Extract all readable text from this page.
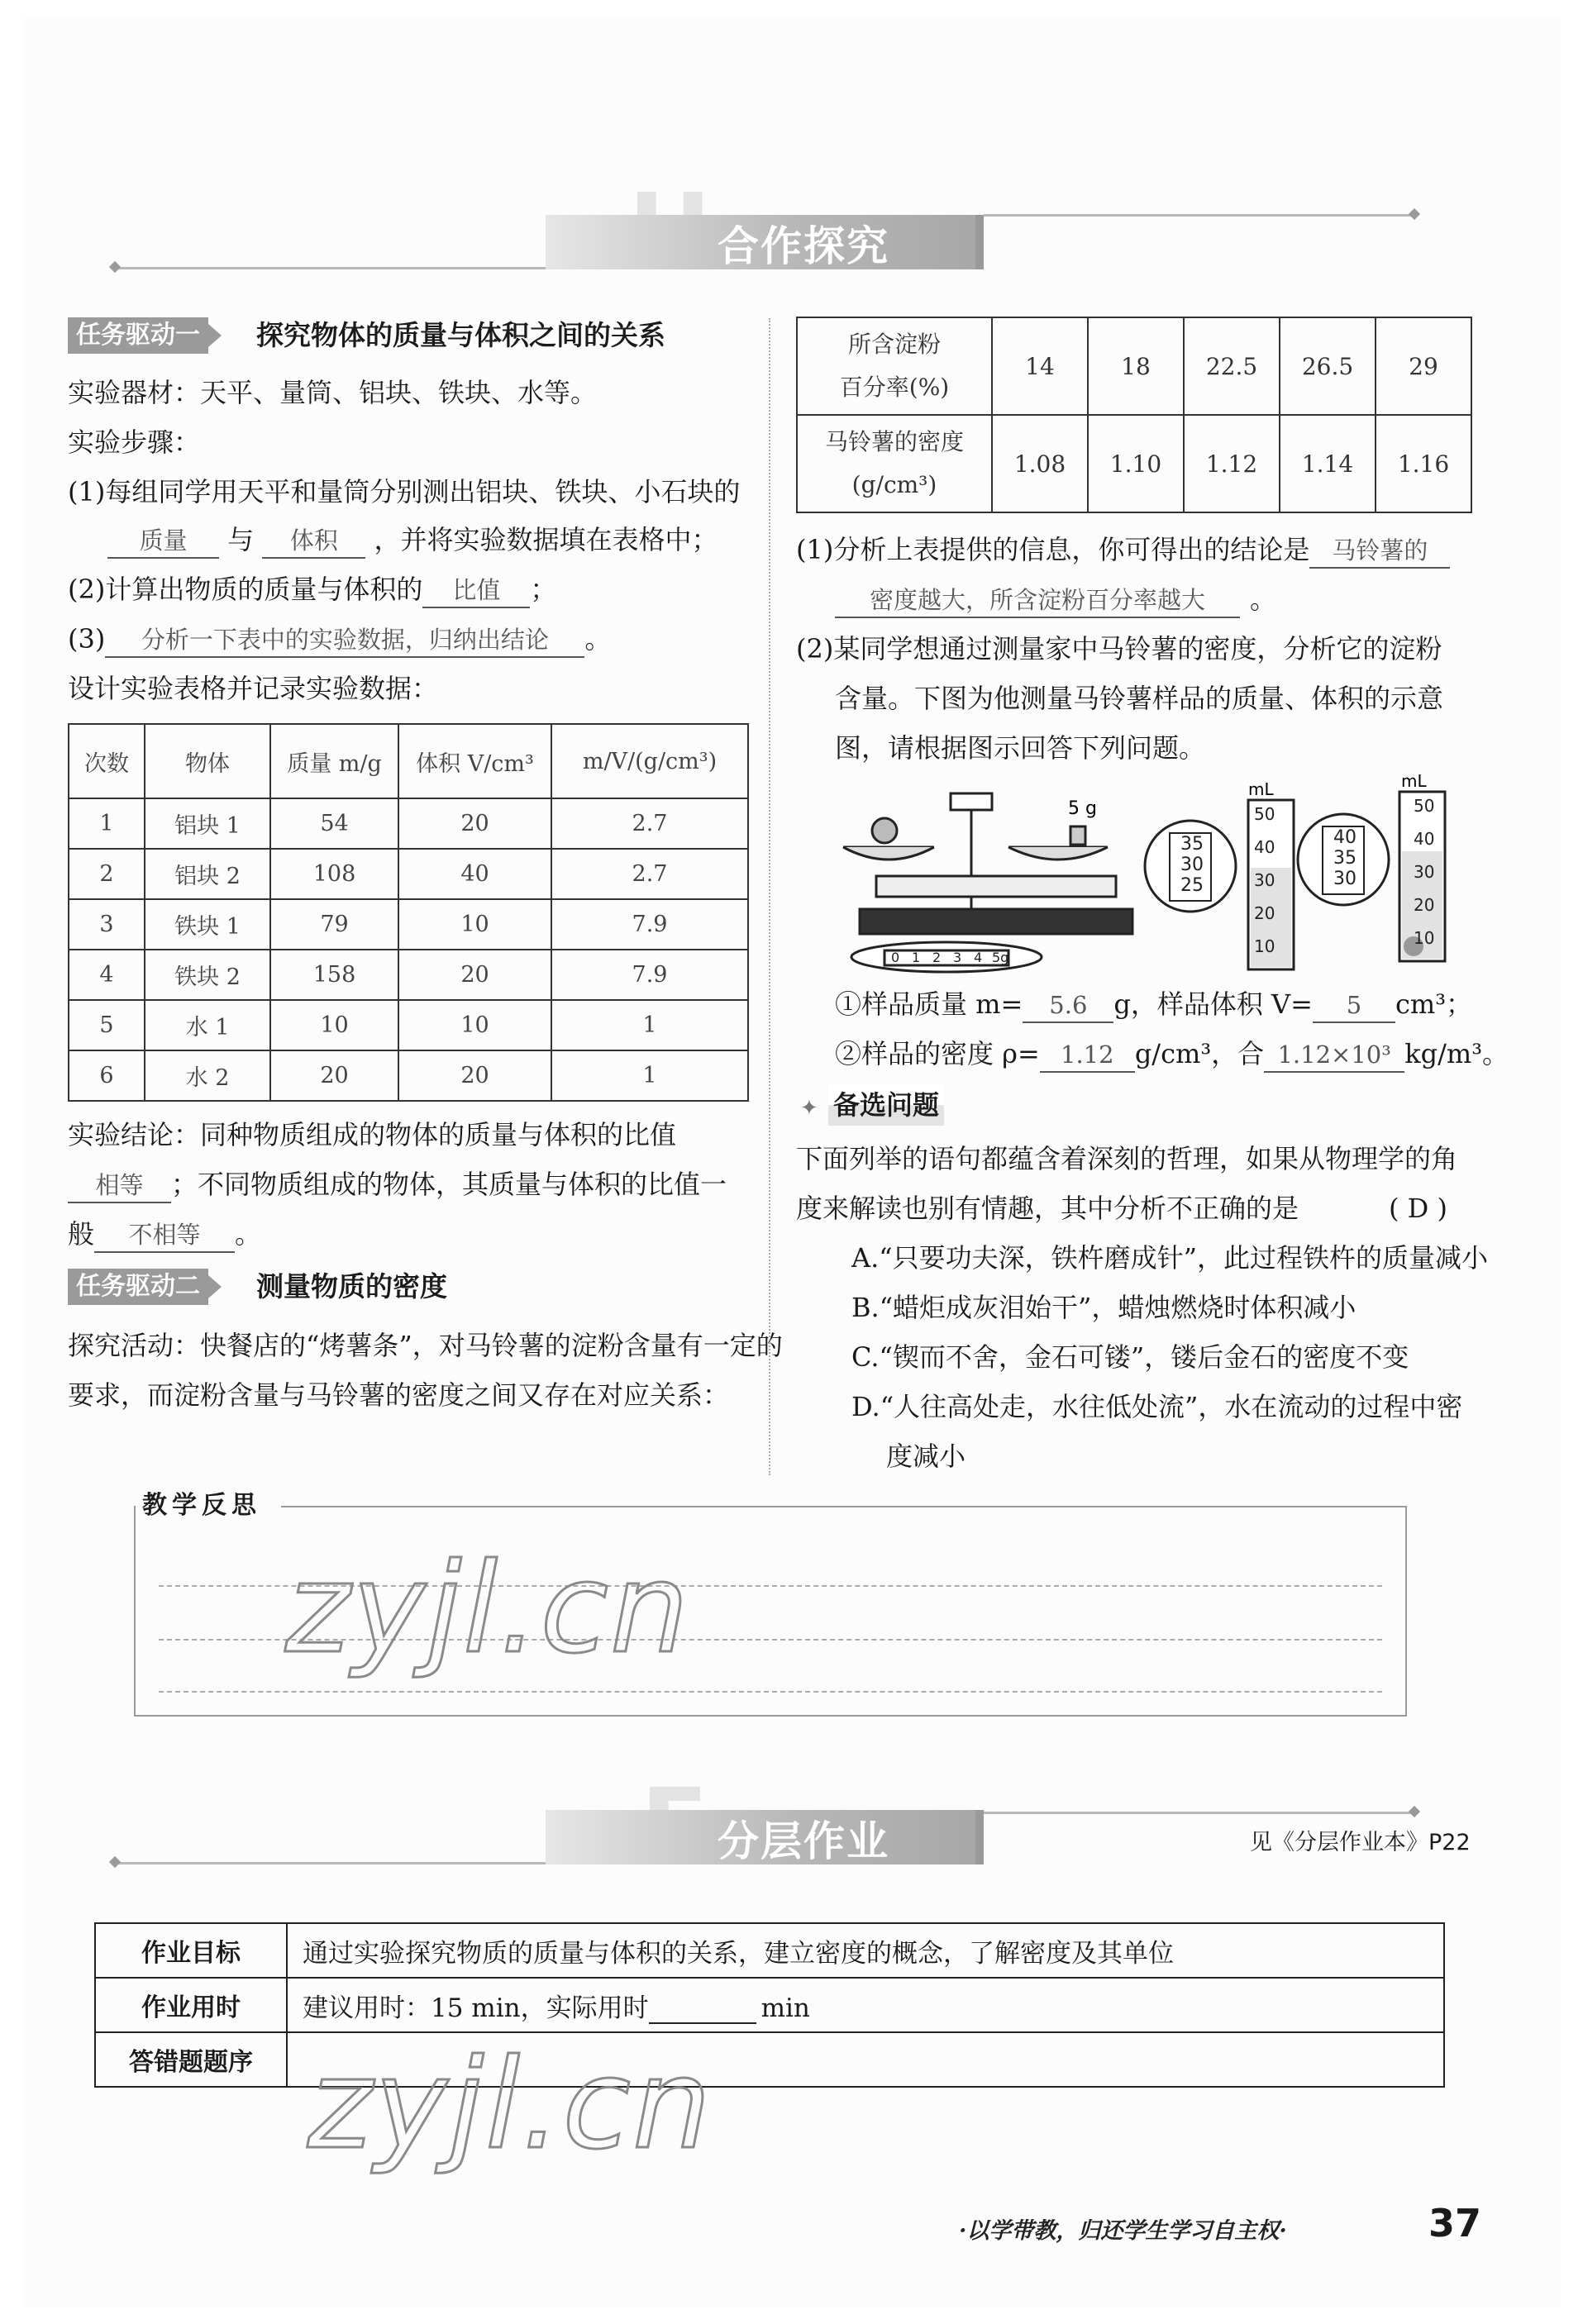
合作探究
任务驱动一	探究物体的质量与体积之间的关系
实验器材：天平、量筒、铝块、铁块、水等。
实验步骤：
(1)每组同学用天平和量筒分别测出铝块、铁块、小石块的
质量 与 体积 ，并将实验数据填在表格中；
(2)计算出物质的质量与体积的 比值 ；
(3) 分析一下表中的实验数据，归纳出结论 。
设计实验表格并记录实验数据：
次数	物体	质量 m/g	体积 V/cm³	m/V/(g/cm³)
1	铝块 1	54	20	2.7
2	铝块 2	108	40	2.7
3	铁块 1	79	10	7.9
4	铁块 2	158	20	7.9
5	水 1	10	10	1
6	水 2	20	20	1
实验结论：同种物质组成的物体的质量与体积的比值
相等 ；不同物质组成的物体，其质量与体积的比值一
般 不相等 。
任务驱动二	测量物质的密度
探究活动：快餐店的“烤薯条”，对马铃薯的淀粉含量有一定的
要求，而淀粉含量与马铃薯的密度之间又存在对应关系：
所含淀粉
百分率(%)	14	18	22.5	26.5	29

马铃薯的密度
(g/cm³)	1.08	1.10	1.12	1.14	1.16
(1)分析上表提供的信息，你可得出的结论是 马铃薯的
密度越大，所含淀粉百分率越大 。
(2)某同学想通过测量家中马铃薯的密度，分析它的淀粉
含量。下图为他测量马铃薯样品的质量、体积的示意
图，请根据图示回答下列问题。
5 g
0 1 2 3 4 5g
35
30
25
mL
50
40
30
20
10
40
35
30
mL
50
40
30
20
10
①样品质量 m= 5.6 g，样品体积 V= 5 cm³；
②样品的密度 ρ= 1.12 g/cm³，合 1.12×10³ kg/m³。
✦ 备选问题
下面列举的语句都蕴含着深刻的哲理，如果从物理学的角
度来解读也别有情趣，其中分析不正确的是	( D )
A.“只要功夫深，铁杵磨成针”，此过程铁杵的质量减小
B.“蜡炬成灰泪始干”，蜡烛燃烧时体积减小
C.“锲而不舍，金石可镂”，镂后金石的密度不变
D.“人往高处走，水往低处流”，水在流动的过程中密
度减小
教学反思
zyjl.cn
分层作业	见《分层作业本》P22
作业目标	通过实验探究物质的质量与体积的关系，建立密度的概念，了解密度及其单位
作业用时	建议用时：15 min，实际用时 min
答错题题序	zyjl.cn
·以学带教，归还学生学习自主权·	37
